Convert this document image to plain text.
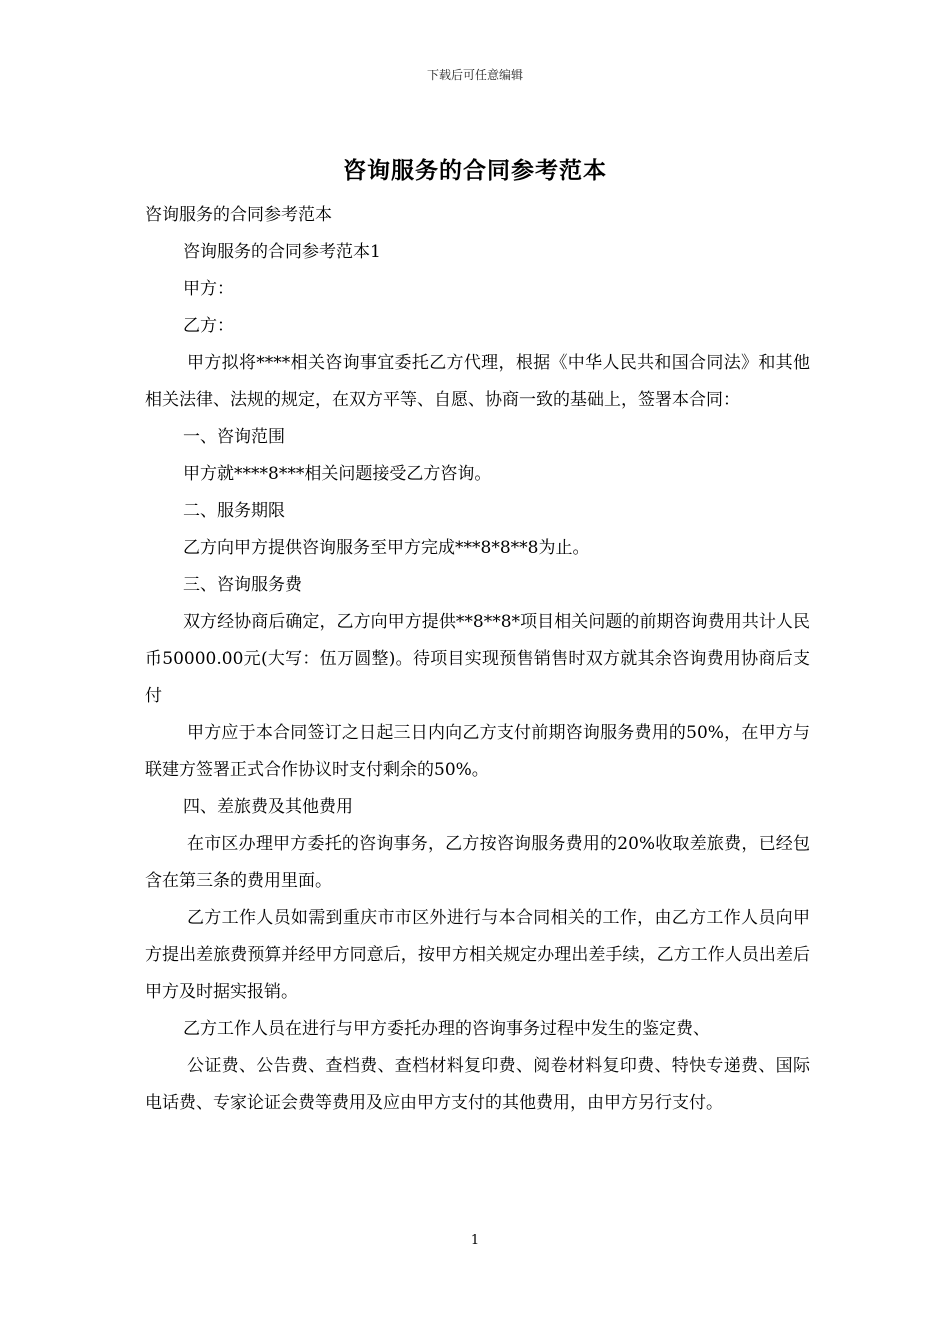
下载后可任意编辑
咨询服务的合同参考范本

咨询服务的合同参考范本

咨询服务的合同参考范本1

甲方：

乙方：

甲方拟将****相关咨询事宜委托乙方代理，根据《中华人民共和国合同法》和其他相关法律、法规的规定，在双方平等、自愿、协商一致的基础上，签署本合同：

一、咨询范围

甲方就****8***相关问题接受乙方咨询。

二、服务期限

乙方向甲方提供咨询服务至甲方完成***8*8**8为止。

三、咨询服务费

双方经协商后确定，乙方向甲方提供**8**8*项目相关问题的前期咨询费用共计人民币50000.00元(大写：伍万圆整)。待项目实现预售销售时双方就其余咨询费用协商后支付

甲方应于本合同签订之日起三日内向乙方支付前期咨询服务费用的50%，在甲方与联建方签署正式合作协议时支付剩余的50%。

四、差旅费及其他费用

在市区办理甲方委托的咨询事务，乙方按咨询服务费用的20%收取差旅费，已经包含在第三条的费用里面。

乙方工作人员如需到重庆市市区外进行与本合同相关的工作，由乙方工作人员向甲方提出差旅费预算并经甲方同意后，按甲方相关规定办理出差手续，乙方工作人员出差后甲方及时据实报销。

乙方工作人员在进行与甲方委托办理的咨询事务过程中发生的鉴定费、

公证费、公告费、查档费、查档材料复印费、阅卷材料复印费、特快专递费、国际电话费、专家论证会费等费用及应由甲方支付的其他费用，由甲方另行支付。

1
